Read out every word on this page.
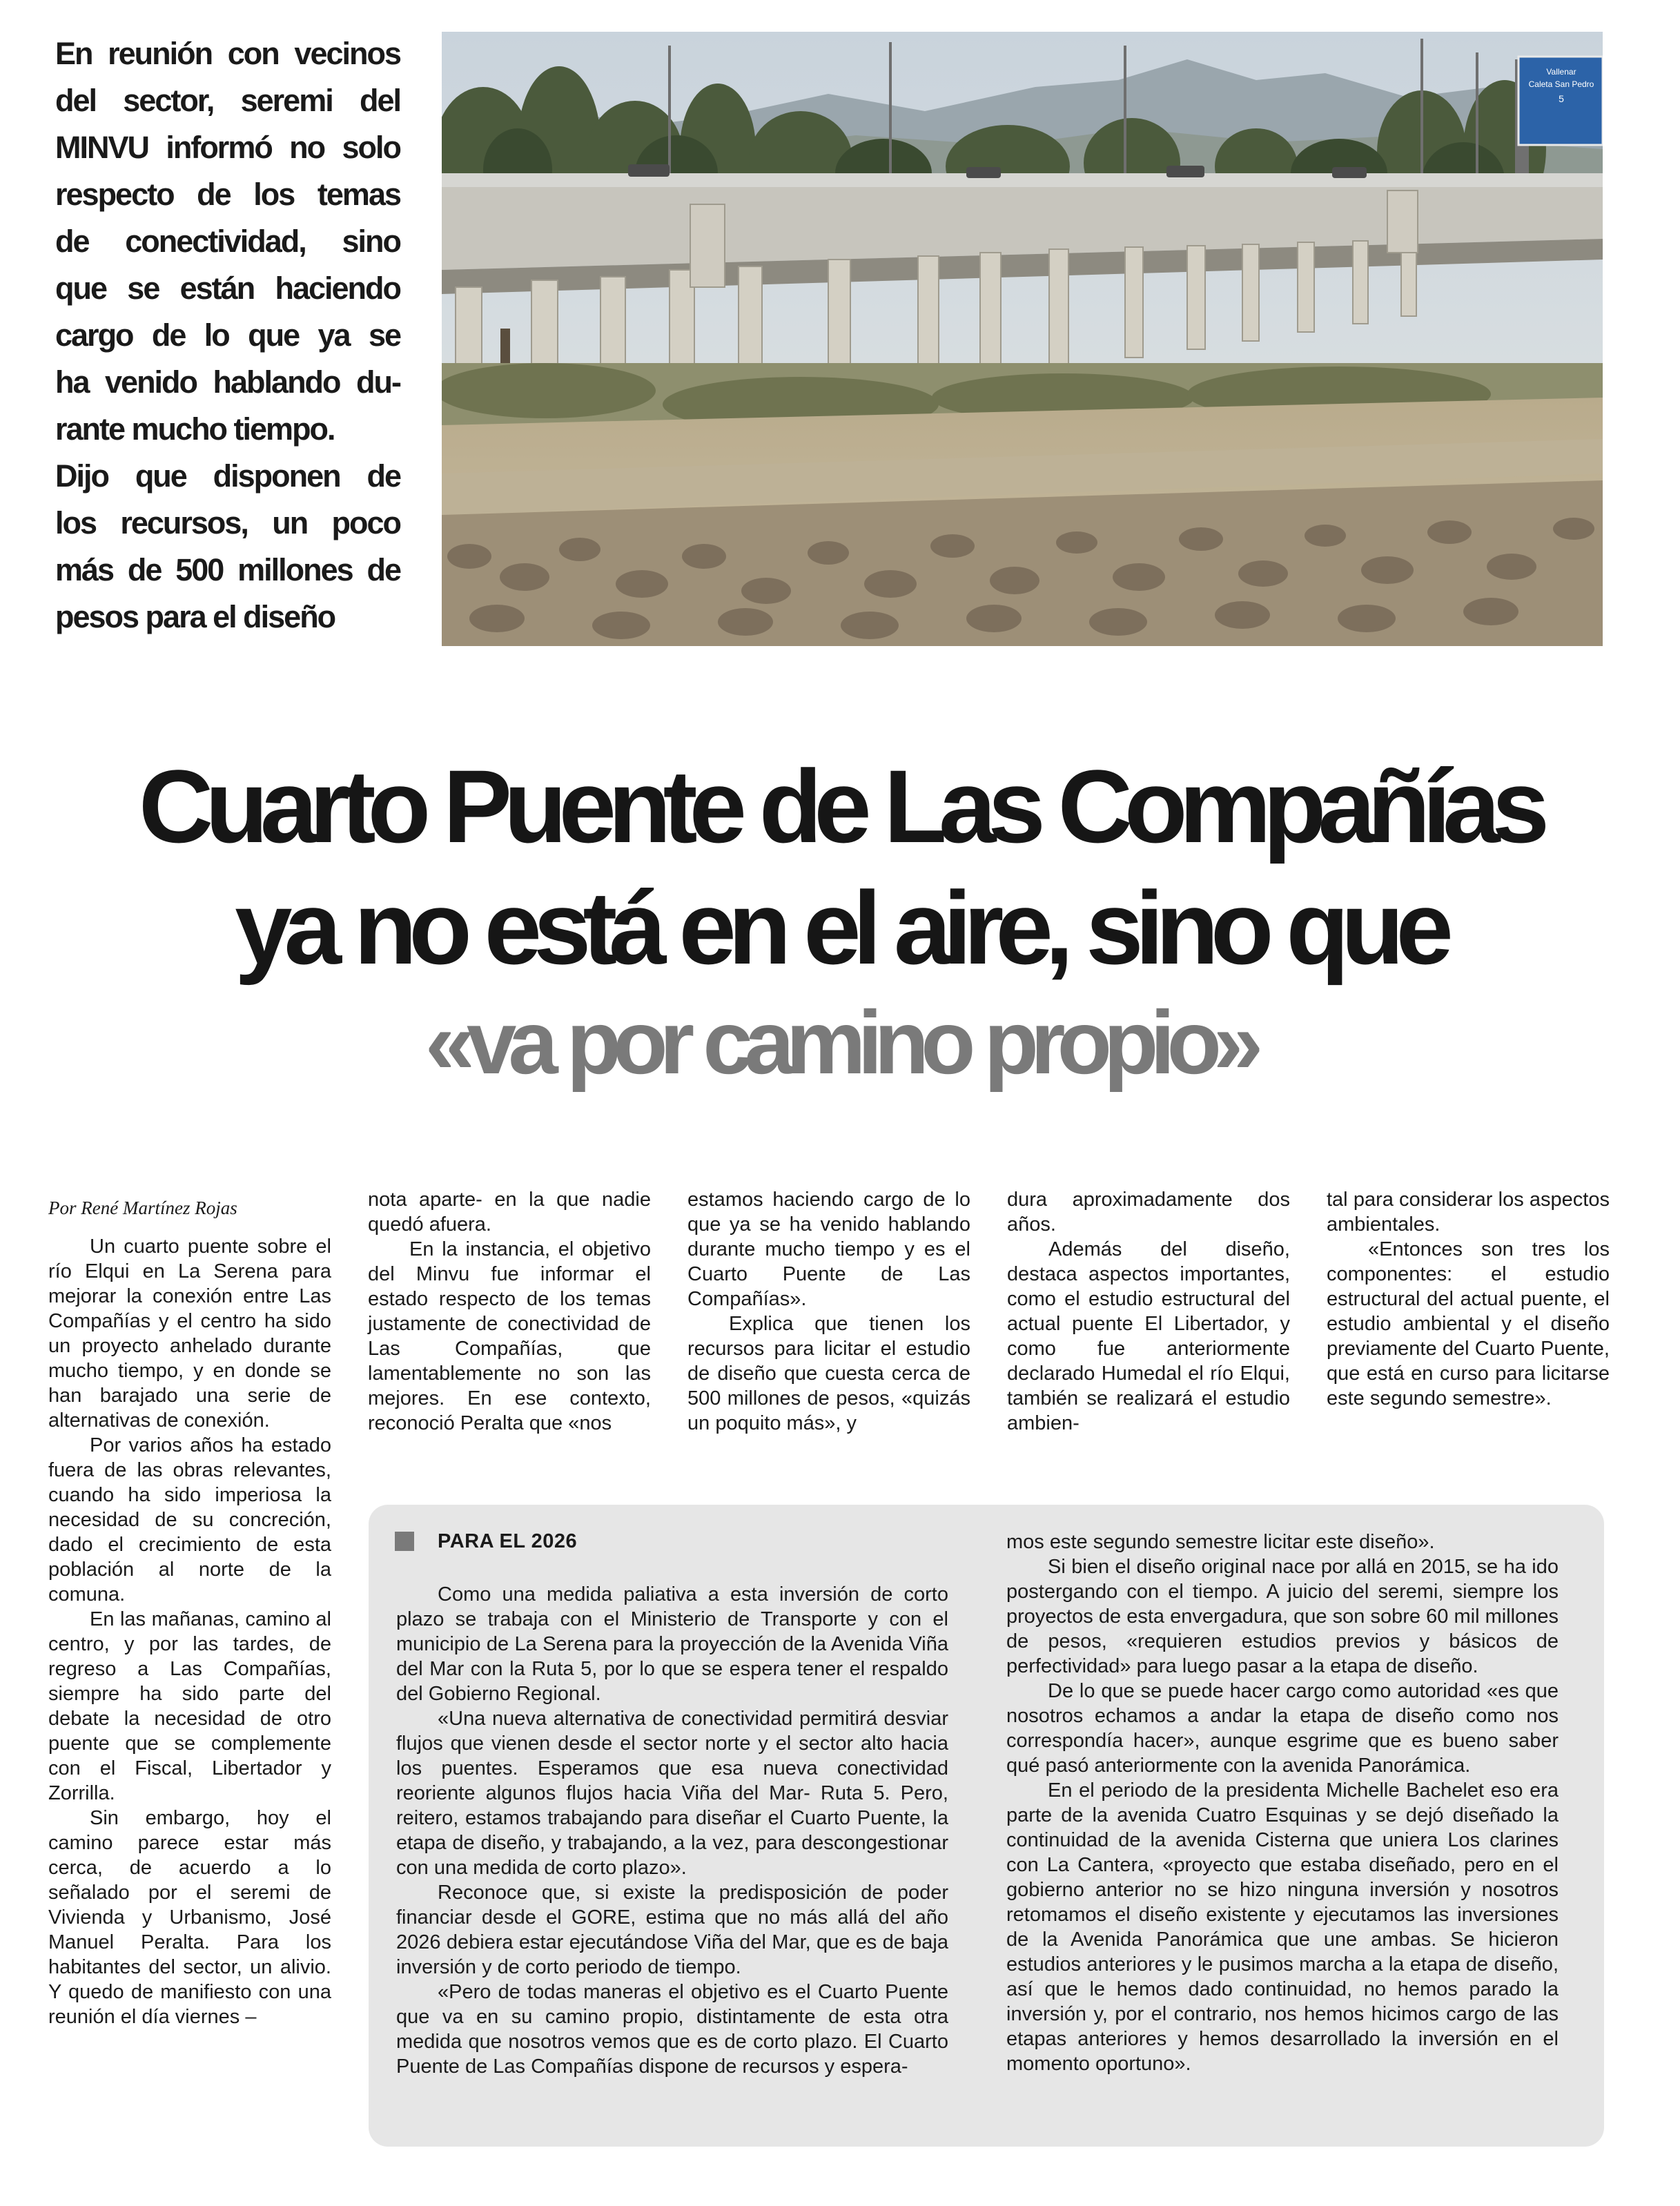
En reunión con vecinos
del sector, seremi del
MINVU informó no solo
respecto de los temas
de conectividad, sino
que se están haciendo
cargo de lo que ya se
ha venido hablando du-
rante mucho tiempo.
Dijo que disponen de
los recursos, un poco
más de 500 millones de
pesos para el diseño
Vallenar
Caleta San Pedro
5
Cuarto Puente de Las Compañías
ya no está en el aire, sino que
«va por camino propio»

Por René Martínez Rojas

Un cuarto puente sobre el río Elqui en La Serena para mejorar la conexión entre Las Compañías y el centro ha sido un proyecto anhelado durante mucho tiempo, y en donde se han barajado una serie de alternativas de conexión.

Por varios años ha estado fuera de las obras relevantes, cuando ha sido imperiosa la necesidad de su concreción, dado el crecimiento de esta población al norte de la comuna.

En las mañanas, camino al centro, y por las tardes, de regreso a Las Compañías, siempre ha sido parte del debate la necesidad de otro puente que se complemente con el Fiscal, Libertador y Zorrilla.

Sin embargo, hoy el camino parece estar más cerca, de acuerdo a lo señalado por el seremi de Vivienda y Urbanismo, José Manuel Peralta. Para los habitantes del sector, un alivio. Y quedo de manifiesto con una reunión el día viernes –

nota aparte- en la que nadie quedó afuera.

En la instancia, el objetivo del Minvu fue informar el estado respecto de los temas justamente de conectividad de Las Compañías, que lamentablemente no son las mejores. En ese contexto, reconoció Peralta que «nos

estamos haciendo cargo de lo que ya se ha venido hablando durante mucho tiempo y es el Cuarto Puente de Las Compañías».

Explica que tienen los recursos para licitar el estudio de diseño que cuesta cerca de 500 millones de pesos, «quizás un poquito más», y

dura aproximadamente dos años.

Además del diseño, destaca aspectos importantes, como el estudio estructural del actual puente El Libertador, y como fue anteriormente declarado Humedal el río Elqui, también se realizará el estudio ambien-

tal para considerar los aspectos ambientales.

«Entonces son tres los componentes: el estudio estructural del actual puente, el estudio ambiental y el diseño previamente del Cuarto Puente, que está en curso para licitarse este segundo semestre».

PARA EL 2026

Como una medida paliativa a esta inversión de corto plazo se trabaja con el Ministerio de Transporte y con el municipio de La Serena para la proyección de la Avenida Viña del Mar con la Ruta 5, por lo que se espera tener el respaldo del Gobierno Regional.

«Una nueva alternativa de conectividad permitirá desviar flujos que vienen desde el sector norte y el sector alto hacia los puentes. Esperamos que esa nueva conectividad reoriente algunos flujos hacia Viña del Mar- Ruta 5. Pero, reitero, estamos trabajando para diseñar el Cuarto Puente, la etapa de diseño, y trabajando, a la vez, para descongestionar con una medida de corto plazo».

Reconoce que, si existe la predisposición de poder financiar desde el GORE, estima que no más allá del año 2026 debiera estar ejecutándose Viña del Mar, que es de baja inversión y de corto periodo de tiempo.

«Pero de todas maneras el objetivo es el Cuarto Puente que va en su camino propio, distintamente de esta otra medida que nosotros vemos que es de corto plazo. El Cuarto Puente de Las Compañías dispone de recursos y espera-

mos este segundo semestre licitar este diseño».

Si bien el diseño original nace por allá en 2015, se ha ido postergando con el tiempo. A juicio del seremi, siempre los proyectos de esta envergadura, que son sobre 60 mil millones de pesos, «requieren estudios previos y básicos de perfectividad» para luego pasar a la etapa de diseño.

De lo que se puede hacer cargo como autoridad «es que nosotros echamos a andar la etapa de diseño como nos correspondía hacer», aunque esgrime que es bueno saber qué pasó anteriormente con la avenida Panorámica.

En el periodo de la presidenta Michelle Bachelet eso era parte de la avenida Cuatro Esquinas y se dejó diseñado la continuidad de la avenida Cisterna que uniera Los clarines con La Cantera, «proyecto que estaba diseñado, pero en el gobierno anterior no se hizo ninguna inversión y nosotros retomamos el diseño existente y ejecutamos las inversiones de la Avenida Panorámica que une ambas. Se hicieron estudios anteriores y le pusimos marcha a la etapa de diseño, así que le hemos dado continuidad, no hemos parado la inversión y, por el contrario, nos hemos hicimos cargo de las etapas anteriores y hemos desarrollado la inversión en el momento oportuno».
